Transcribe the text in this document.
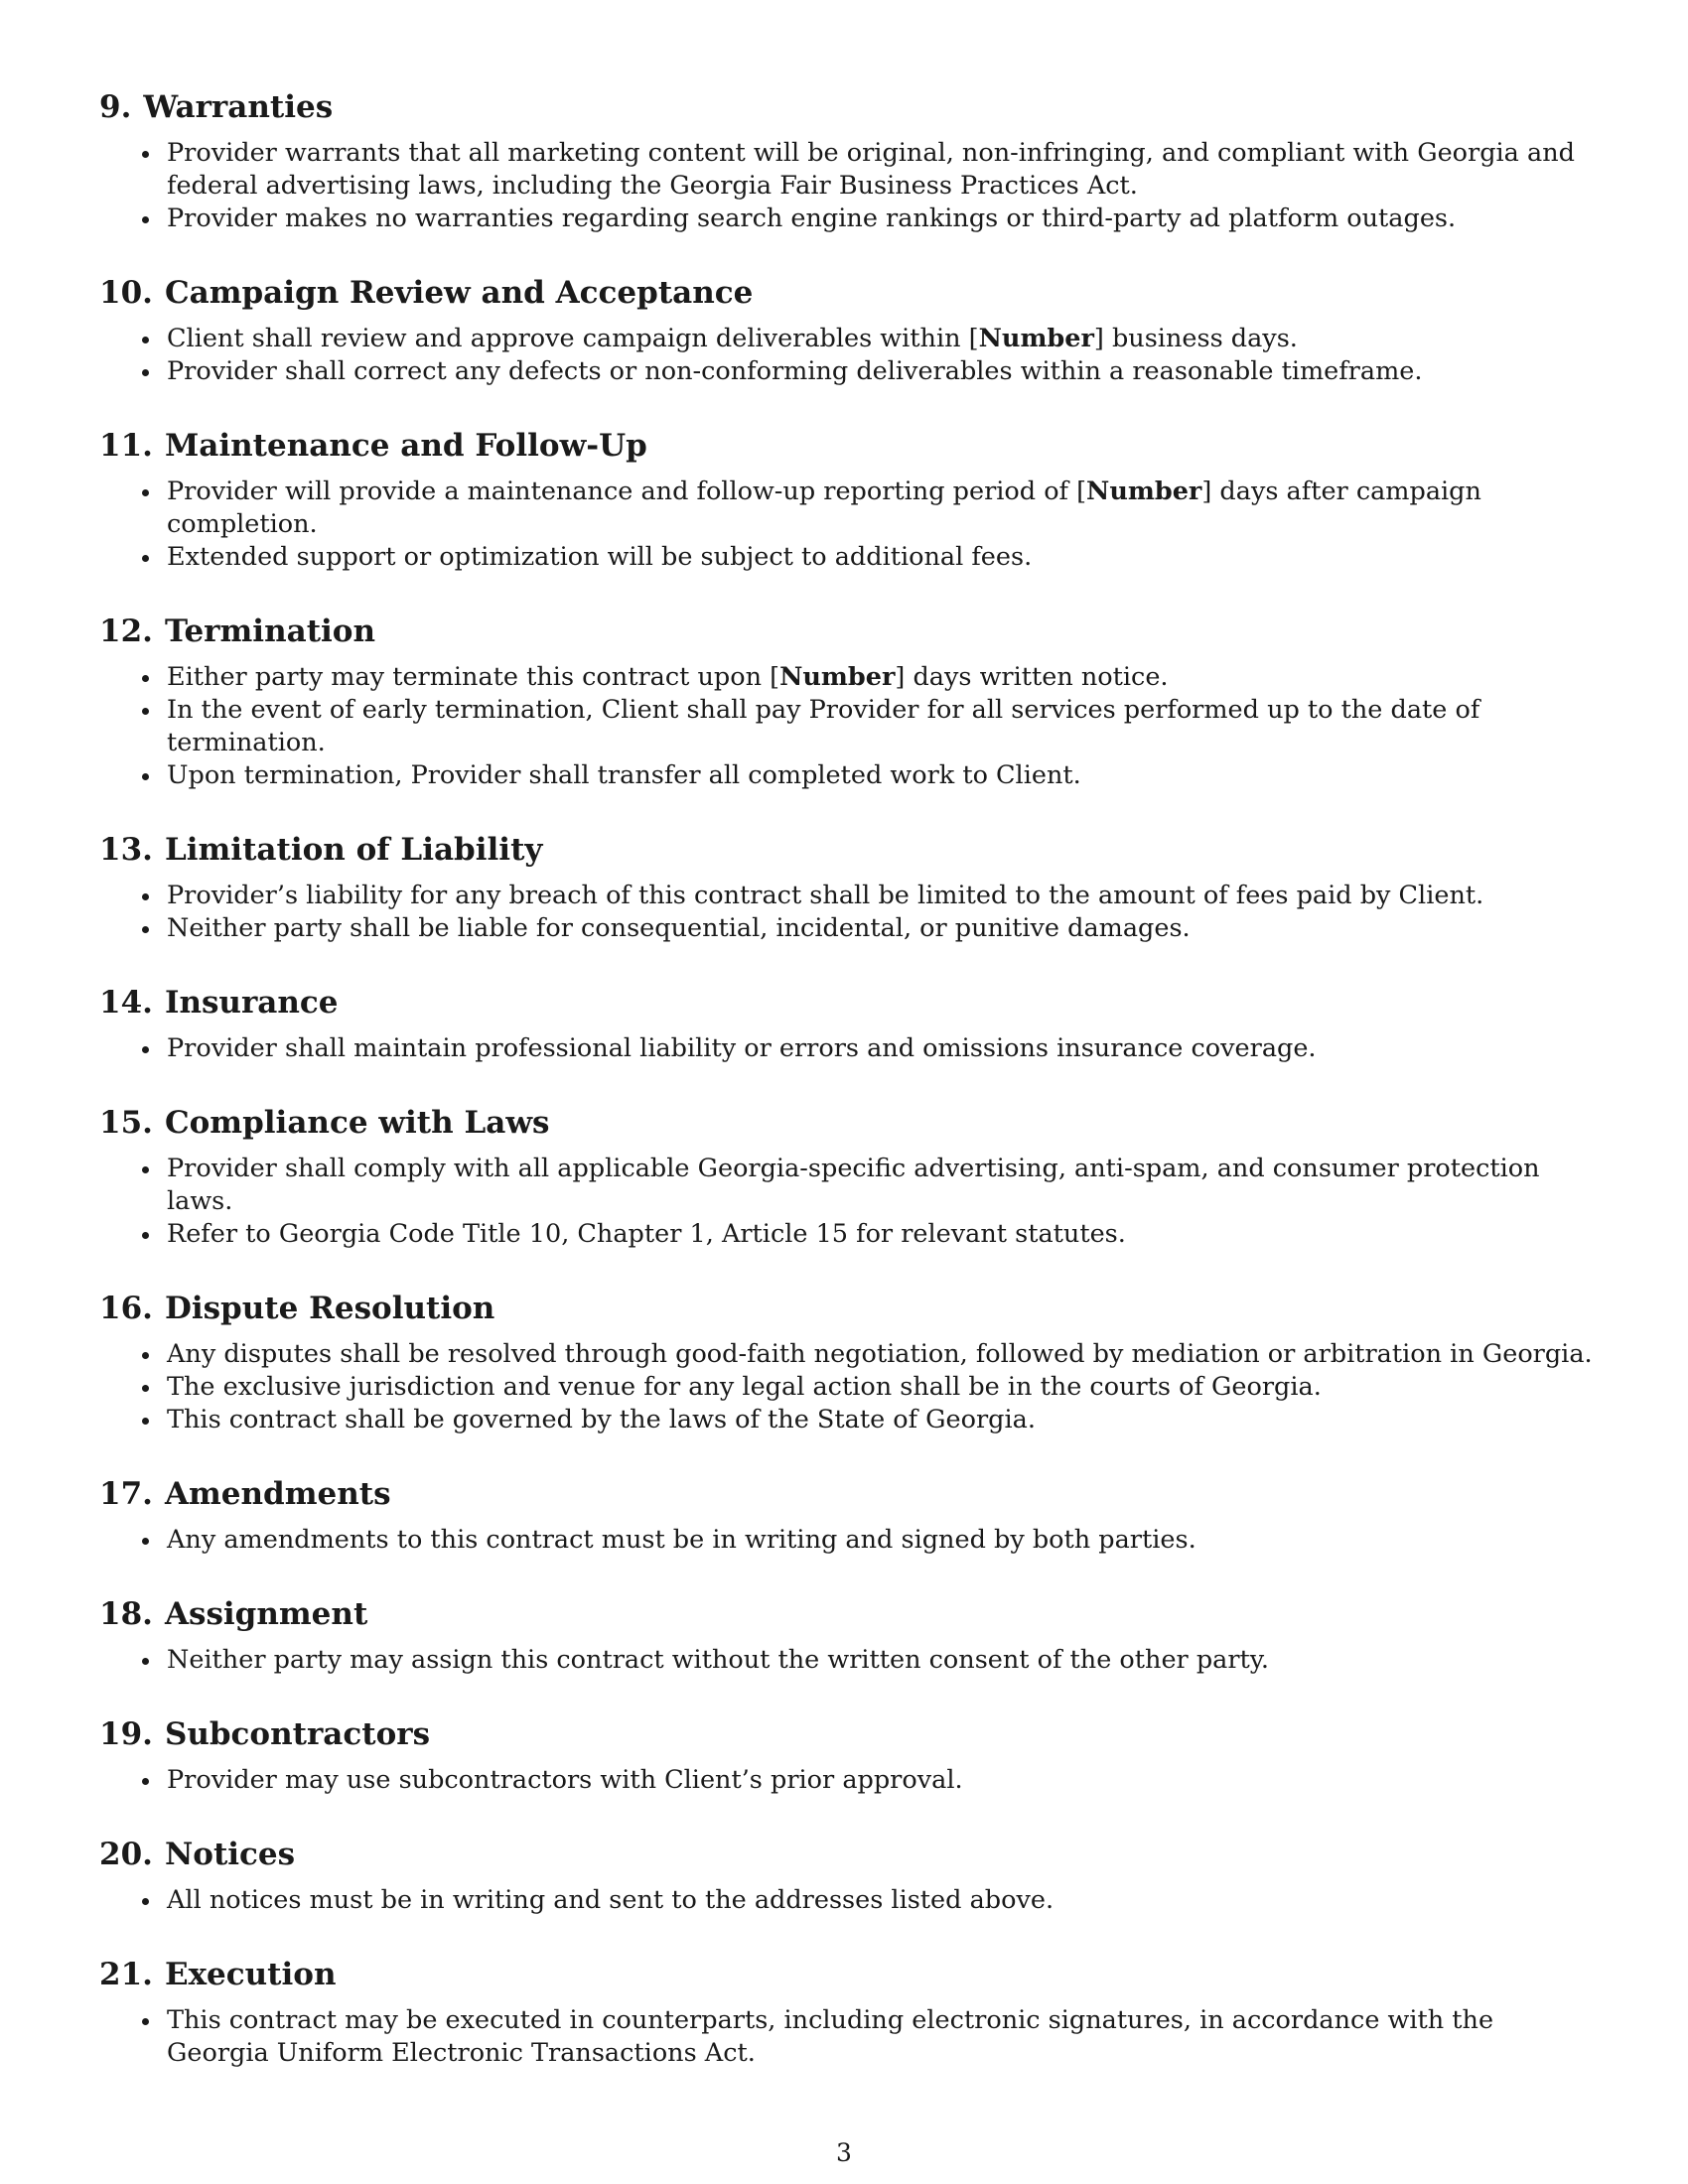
9. Warranties
Provider warrants that all marketing content will be original, non-infringing, and compliant with Georgia and federal advertising laws, including the Georgia Fair Business Practices Act.
Provider makes no warranties regarding search engine rankings or third-party ad platform outages.
10. Campaign Review and Acceptance
Client shall review and approve campaign deliverables within [Number] business days.
Provider shall correct any defects or non-conforming deliverables within a reasonable timeframe.
11. Maintenance and Follow-Up
Provider will provide a maintenance and follow-up reporting period of [Number] days after campaign completion.
Extended support or optimization will be subject to additional fees.
12. Termination
Either party may terminate this contract upon [Number] days written notice.
In the event of early termination, Client shall pay Provider for all services performed up to the date of termination.
Upon termination, Provider shall transfer all completed work to Client.
13. Limitation of Liability
Provider’s liability for any breach of this contract shall be limited to the amount of fees paid by Client.
Neither party shall be liable for consequential, incidental, or punitive damages.
14. Insurance
Provider shall maintain professional liability or errors and omissions insurance coverage.
15. Compliance with Laws
Provider shall comply with all applicable Georgia-specific advertising, anti-spam, and consumer protection laws.
Refer to Georgia Code Title 10, Chapter 1, Article 15 for relevant statutes.
16. Dispute Resolution
Any disputes shall be resolved through good-faith negotiation, followed by mediation or arbitration in Georgia.
The exclusive jurisdiction and venue for any legal action shall be in the courts of Georgia.
This contract shall be governed by the laws of the State of Georgia.
17. Amendments
Any amendments to this contract must be in writing and signed by both parties.
18. Assignment
Neither party may assign this contract without the written consent of the other party.
19. Subcontractors
Provider may use subcontractors with Client’s prior approval.
20. Notices
All notices must be in writing and sent to the addresses listed above.
21. Execution
This contract may be executed in counterparts, including electronic signatures, in accordance with the Georgia Uniform Electronic Transactions Act.
3
